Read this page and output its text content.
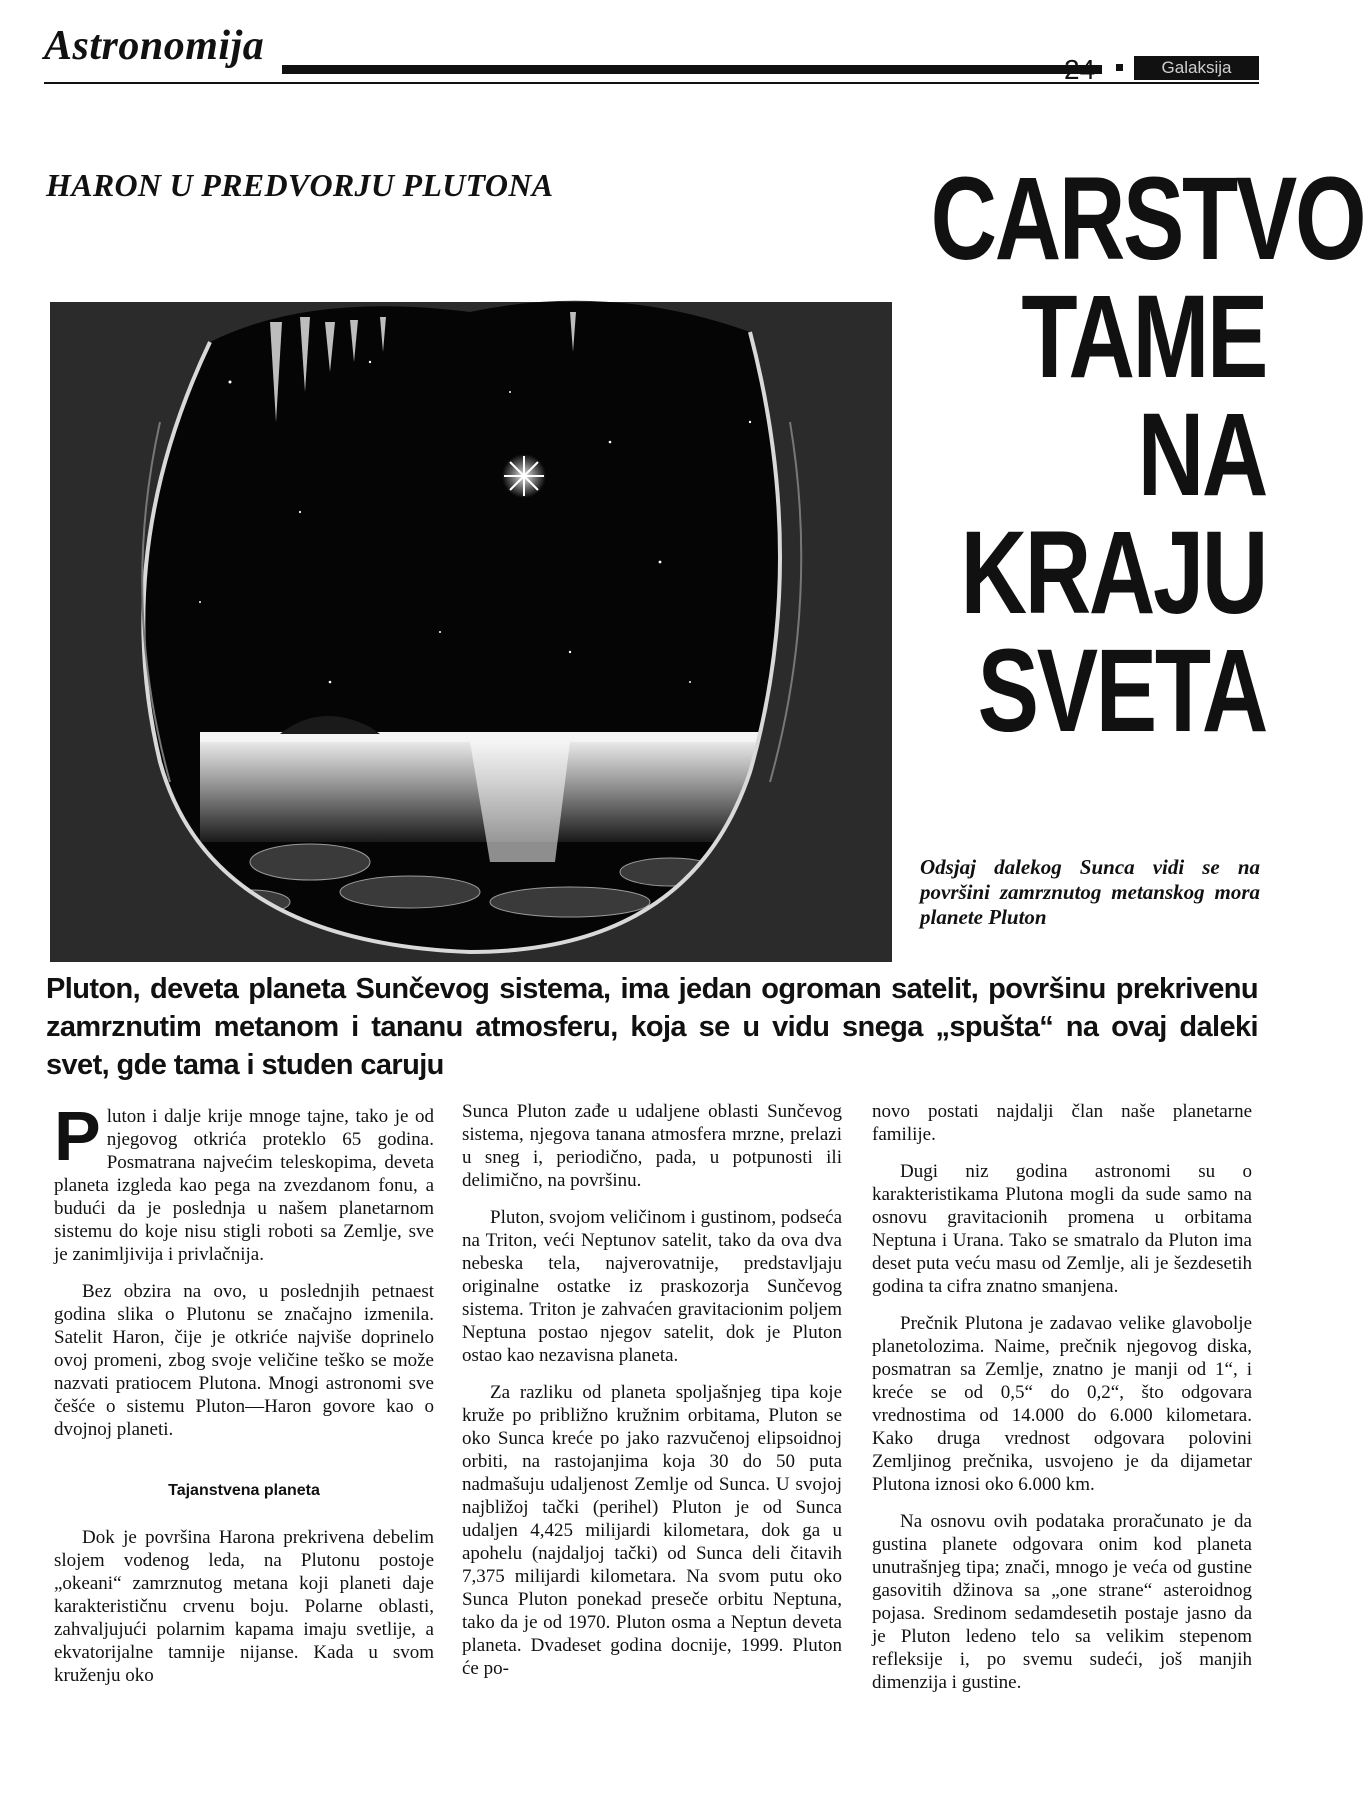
Astronomija
24	Galaksija
HARON U PREDVORJU PLUTONA	CARSTVO
TAME
NA
KRAJU
SVETA
Odsjaj dalekog Sunca vidi se na površini zamrznutog metanskog mora planete Pluton
Pluton, deveta planeta Sunčevog sistema, ima jedan ogroman satelit, površinu prekrivenu zamrznutim metanom i tananu atmosferu, koja se u vidu snega „spušta“ na ovaj daleki svet, gde tama i studen caruju

Pluton i dalje krije mnoge tajne, tako je od njegovog otkrića proteklo 65 godina. Posmatrana najvećim teleskopima, deveta planeta izgleda kao pega na zvezdanom fonu, a budući da je poslednja u našem planetarnom sistemu do koje nisu stigli roboti sa Zemlje, sve je zanimljivija i privlačnija.

Bez obzira na ovo, u poslednjih petnaest godina slika o Plutonu se značajno izmenila. Satelit Haron, čije je otkriće najviše doprinelo ovoj promeni, zbog svoje veličine teško se može nazvati pratiocem Plutona. Mnogi astronomi sve češće o sistemu Pluton—Haron govore kao o dvojnoj planeti.

Tajanstvena planeta

Dok je površina Harona prekrivena debelim slojem vodenog leda, na Plutonu postoje „okeani“ zamrznutog metana koji planeti daje karakterističnu crvenu boju. Polarne oblasti, zahvaljujući polarnim kapama imaju svetlije, a ekvatorijalne tamnije nijanse. Kada u svom kruženju oko

Sunca Pluton zađe u udaljene oblasti Sunčevog sistema, njegova tanana atmosfera mrzne, prelazi u sneg i, periodično, pada, u potpunosti ili delimično, na površinu.

Pluton, svojom veličinom i gustinom, podseća na Triton, veći Neptunov satelit, tako da ova dva nebeska tela, najverovatnije, predstavljaju originalne ostatke iz praskozorja Sunčevog sistema. Triton je zahvaćen gravitacionim poljem Neptuna postao njegov satelit, dok je Pluton ostao kao nezavisna planeta.

Za razliku od planeta spoljašnjeg tipa koje kruže po približno kružnim orbitama, Pluton se oko Sunca kreće po jako razvučenoj elipsoidnoj orbiti, na rastojanjima koja 30 do 50 puta nadmašuju udaljenost Zemlje od Sunca. U svojoj najbližoj tački (perihel) Pluton je od Sunca udaljen 4,425 milijardi kilometara, dok ga u apohelu (najdaljoj tački) od Sunca deli čitavih 7,375 milijardi kilometara. Na svom putu oko Sunca Pluton ponekad preseče orbitu Neptuna, tako da je od 1970. Pluton osma a Neptun deveta planeta. Dvadeset godina docnije, 1999. Pluton će po-

novo postati najdalji član naše planetarne familije.

Dugi niz godina astronomi su o karakteristikama Plutona mogli da sude samo na osnovu gravitacionih promena u orbitama Neptuna i Urana. Tako se smatralo da Pluton ima deset puta veću masu od Zemlje, ali je šezdesetih godina ta cifra znatno smanjena.

Prečnik Plutona je zadavao velike glavobolje planetolozima. Naime, prečnik njegovog diska, posmatran sa Zemlje, znatno je manji od 1“, i kreće se od 0,5“ do 0,2“, što odgovara vrednostima od 14.000 do 6.000 kilometara. Kako druga vrednost odgovara polovini Zemljinog prečnika, usvojeno je da dijametar Plutona iznosi oko 6.000 km.

Na osnovu ovih podataka proračunato je da gustina planete odgovara onim kod planeta unutrašnjeg tipa; znači, mnogo je veća od gustine gasovitih džinova sa „one strane“ asteroidnog pojasa. Sredinom sedamdesetih postaje jasno da je Pluton ledeno telo sa velikim stepenom refleksije i, po svemu sudeći, još manjih dimenzija i gustine.
